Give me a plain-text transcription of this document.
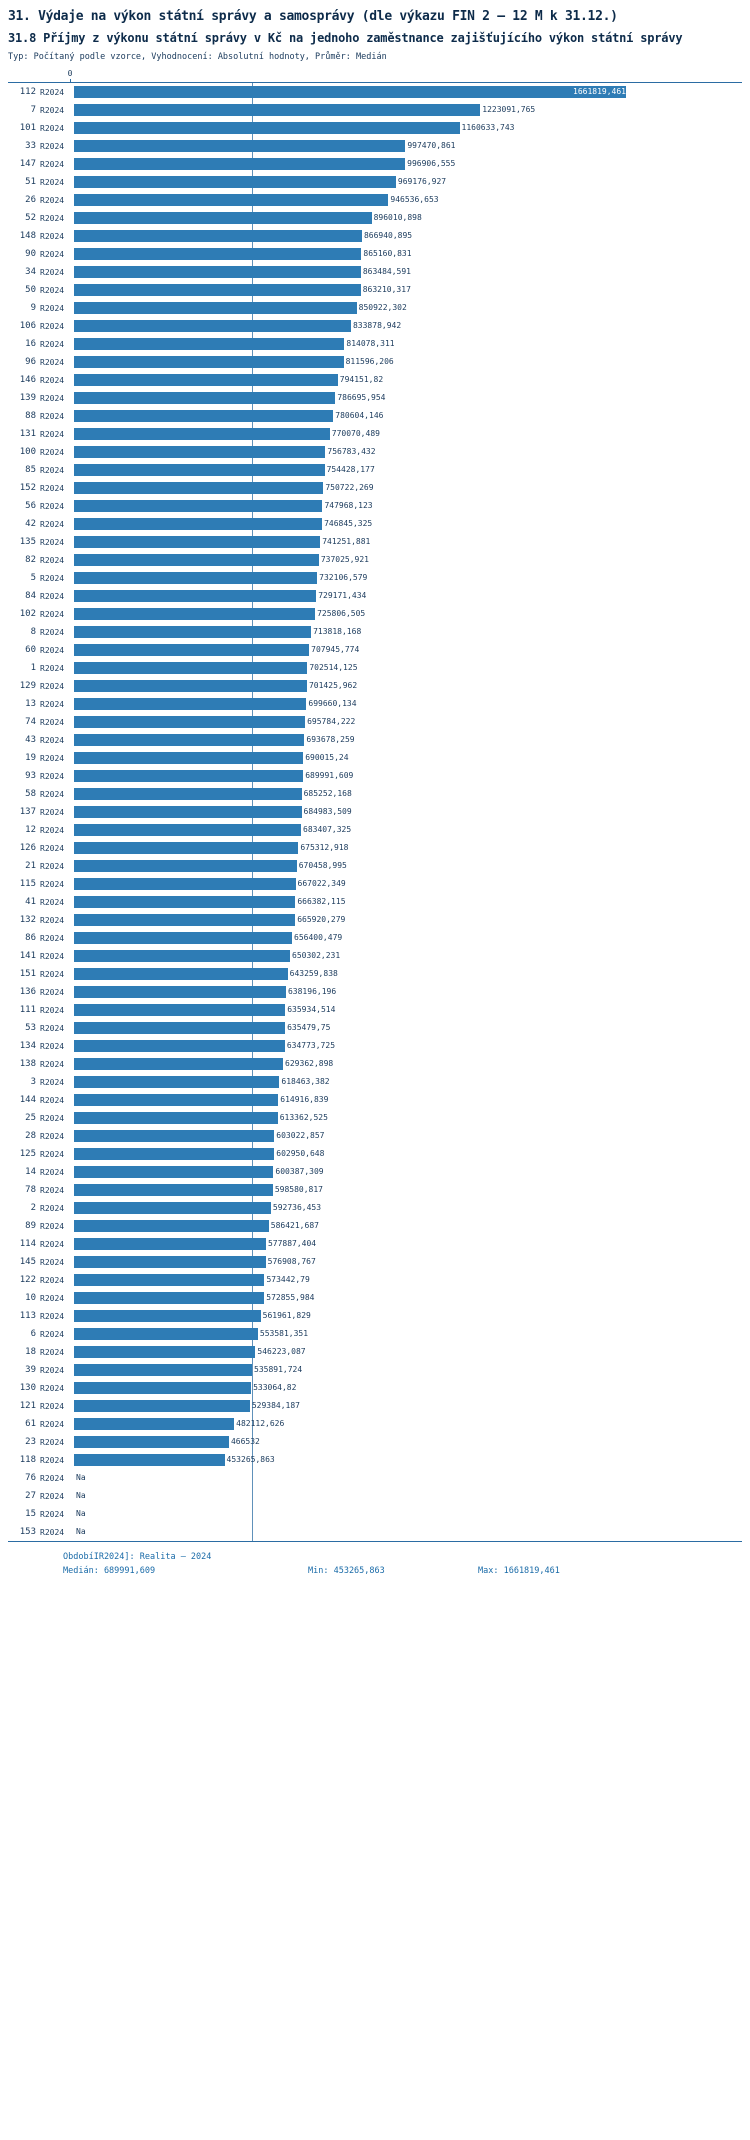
31. Výdaje na výkon státní správy a samosprávy (dle výkazu FIN 2 – 12 M k 31.12.)
31.8 Příjmy z výkonu státní správy v Kč na jednoho zaměstnance zajišťujícího výkon státní správy
Typ: Počítaný podle vzorce, Vyhodnocení: Absolutní hodnoty, Průměr: Medián
0
112 R2024	1661819,461
7 R2024	1223091,765
101 R2024	1160633,743
33 R2024	997470,861
147 R2024	996906,555
51 R2024	969176,927
26 R2024	946536,653
52 R2024	896010,898
148 R2024	866940,895
90 R2024	865160,831
34 R2024	863484,591
50 R2024	863210,317
9 R2024	850922,302
106 R2024	833878,942
16 R2024	814078,311
96 R2024	811596,206
146 R2024	794151,82
139 R2024	786695,954
88 R2024	780604,146
131 R2024	770070,489
100 R2024	756783,432
85 R2024	754428,177
152 R2024	750722,269
56 R2024	747968,123
42 R2024	746845,325
135 R2024	741251,881
82 R2024	737025,921
5 R2024	732106,579
84 R2024	729171,434
102 R2024	725806,505
8 R2024	713818,168
60 R2024	707945,774
1 R2024	702514,125
129 R2024	701425,962
13 R2024	699660,134
74 R2024	695784,222
43 R2024	693678,259
19 R2024	690015,24
93 R2024	689991,609
58 R2024	685252,168
137 R2024	684983,509
12 R2024	683407,325
126 R2024	675312,918
21 R2024	670458,995
115 R2024	667022,349
41 R2024	666382,115
132 R2024	665920,279
86 R2024	656400,479
141 R2024	650302,231
151 R2024	643259,838
136 R2024	638196,196
111 R2024	635934,514
53 R2024	635479,75
134 R2024	634773,725
138 R2024	629362,898
3 R2024	618463,382
144 R2024	614916,839
25 R2024	613362,525
28 R2024	603022,857
125 R2024	602950,648
14 R2024	600387,309
78 R2024	598580,817
2 R2024	592736,453
89 R2024	586421,687
114 R2024	577887,404
145 R2024	576908,767
122 R2024	573442,79
10 R2024	572855,984
113 R2024	561961,829
6 R2024	553581,351
18 R2024	546223,087
39 R2024	535891,724
130 R2024	533064,82
121 R2024	529384,187
61 R2024	482112,626
23 R2024	466532
118 R2024	453265,863
76 R2024	Na
27 R2024	Na
15 R2024	Na
153 R2024	Na
ObdobíIR2024]: Realita – 2024
Medián: 689991,609	Min: 453265,863	Max: 1661819,461
